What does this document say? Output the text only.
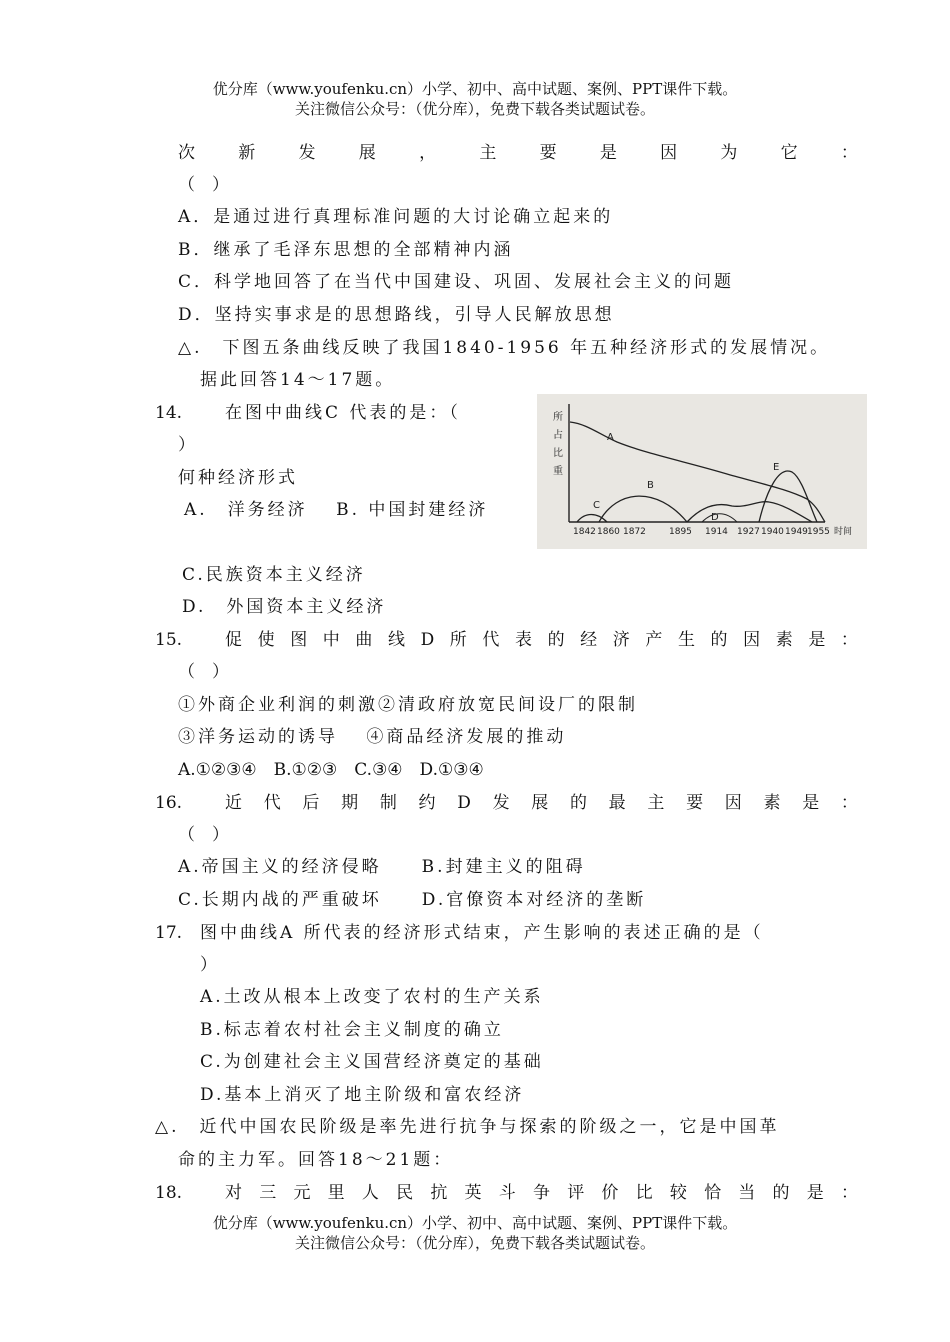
优分库（www.youfenku.cn）小学、初中、高中试题、案例、PPT课件下载。
关注微信公众号：（优分库），免费下载各类试题试卷。
次	新	发	展	，	主	要	是	因	为	它	：
（　）
A．是通过进行真理标准问题的大讨论确立起来的
B．继承了毛泽东思想的全部精神内涵
C．科学地回答了在当代中国建设、巩固、发展社会主义的问题
D．坚持实事求是的思想路线，引导人民解放思想
△.　下图五条曲线反映了我国1840-1956 年五种经济形式的发展情况。
据此回答14～17题。
14.	在图中曲线C 代表的是：（
）
何种经济形式
A.　洋务经济　 B. 中国封建经济
C.民族资本主义经济
D.　外国资本主义经济
所
占
比
重
A
B
C
D
E
1842 1860 1872	1895 1914 1927 1940 1949 1955 时间
15.	促 使 图 中 曲 线 D 所 代 表 的 经 济 产 生 的 因 素 是 ：
（　）
①外商企业利润的刺激②清政府放宽民间设厂的限制
③洋务运动的诱导　 ④商品经济发展的推动
A.①②③④　B.①②③　C.③④　D.①③④
16.	近 代 后 期 制 约 D 发 展 的 最 主 要 因 素 是 ：
（　）
A.帝国主义的经济侵略　　B.封建主义的阻碍
C.长期内战的严重破坏　　D.官僚资本对经济的垄断
17. 图中曲线A 所代表的经济形式结束，产生影响的表述正确的是（
）
A.土改从根本上改变了农村的生产关系
B.标志着农村社会主义制度的确立
C.为创建社会主义国营经济奠定的基础
D.基本上消灭了地主阶级和富农经济
△.　近代中国农民阶级是率先进行抗争与探索的阶级之一，它是中国革
命的主力军。回答18～21题：
18.	对 三 元 里 人 民 抗 英 斗 争 评 价 比 较 恰 当 的 是 ：
优分库（www.youfenku.cn）小学、初中、高中试题、案例、PPT课件下载。
关注微信公众号：（优分库），免费下载各类试题试卷。
